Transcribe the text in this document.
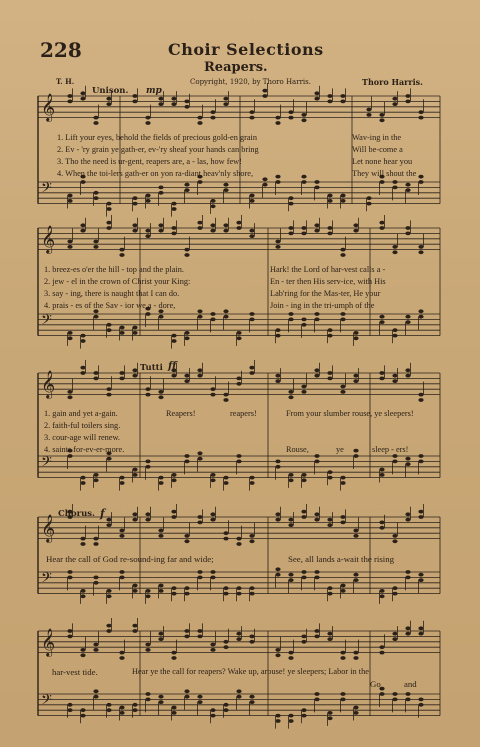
228	Choir Selections
Reapers.
T. H.	Copyright, 1920, by Thoro Harris.	Thoro Harris.
𝄞
𝄢
𝄞
𝄢
𝄞
𝄢
𝄞
𝄢
𝄞
𝄢
Unison. mp
1. Lift your eyes, behold the fields of precious gold-en grain
2. Ev - 'ry grain ye gath-er, ev-'ry sheaf your hands can bring
3. Tho the need is ur-gent, reapers are, a - las, how few!
4. When the toi-lers gath-er on yon ra-diant heav'nly shore,
Wav-ing in the
Will be-come a
Let none hear you
They will shout the
1. breez-es o'er the hill - top and the plain.
2. jew - el in the crown of Christ your King:
3. say - ing, there is naught that I can do.
4. prais - es of the Sav - ior we a - dore,
Hark! the Lord of har-vest calls a -
En - ter then His serv-ice, with His
Lab'ring for the Mas-ter, He your
Join - ing in the tri-umph of the
Tutti ff
1. gain and yet a-gain.
2. faith-ful toilers sing.
3. cour-age will renew.
4. saints for-ev-er-more.
Reapers!	reapers!	From your slumber rouse, ye sleepers!
Rouse,	ye	sleep - ers!
Chorus. f
Hear the call of God re-sound-ing far and wide;	See, all lands a-wait the rising
har-vest tide.	Hear ye the call for reapers? Wake up, arouse! ye sleepers; Labor in the
Go	and
